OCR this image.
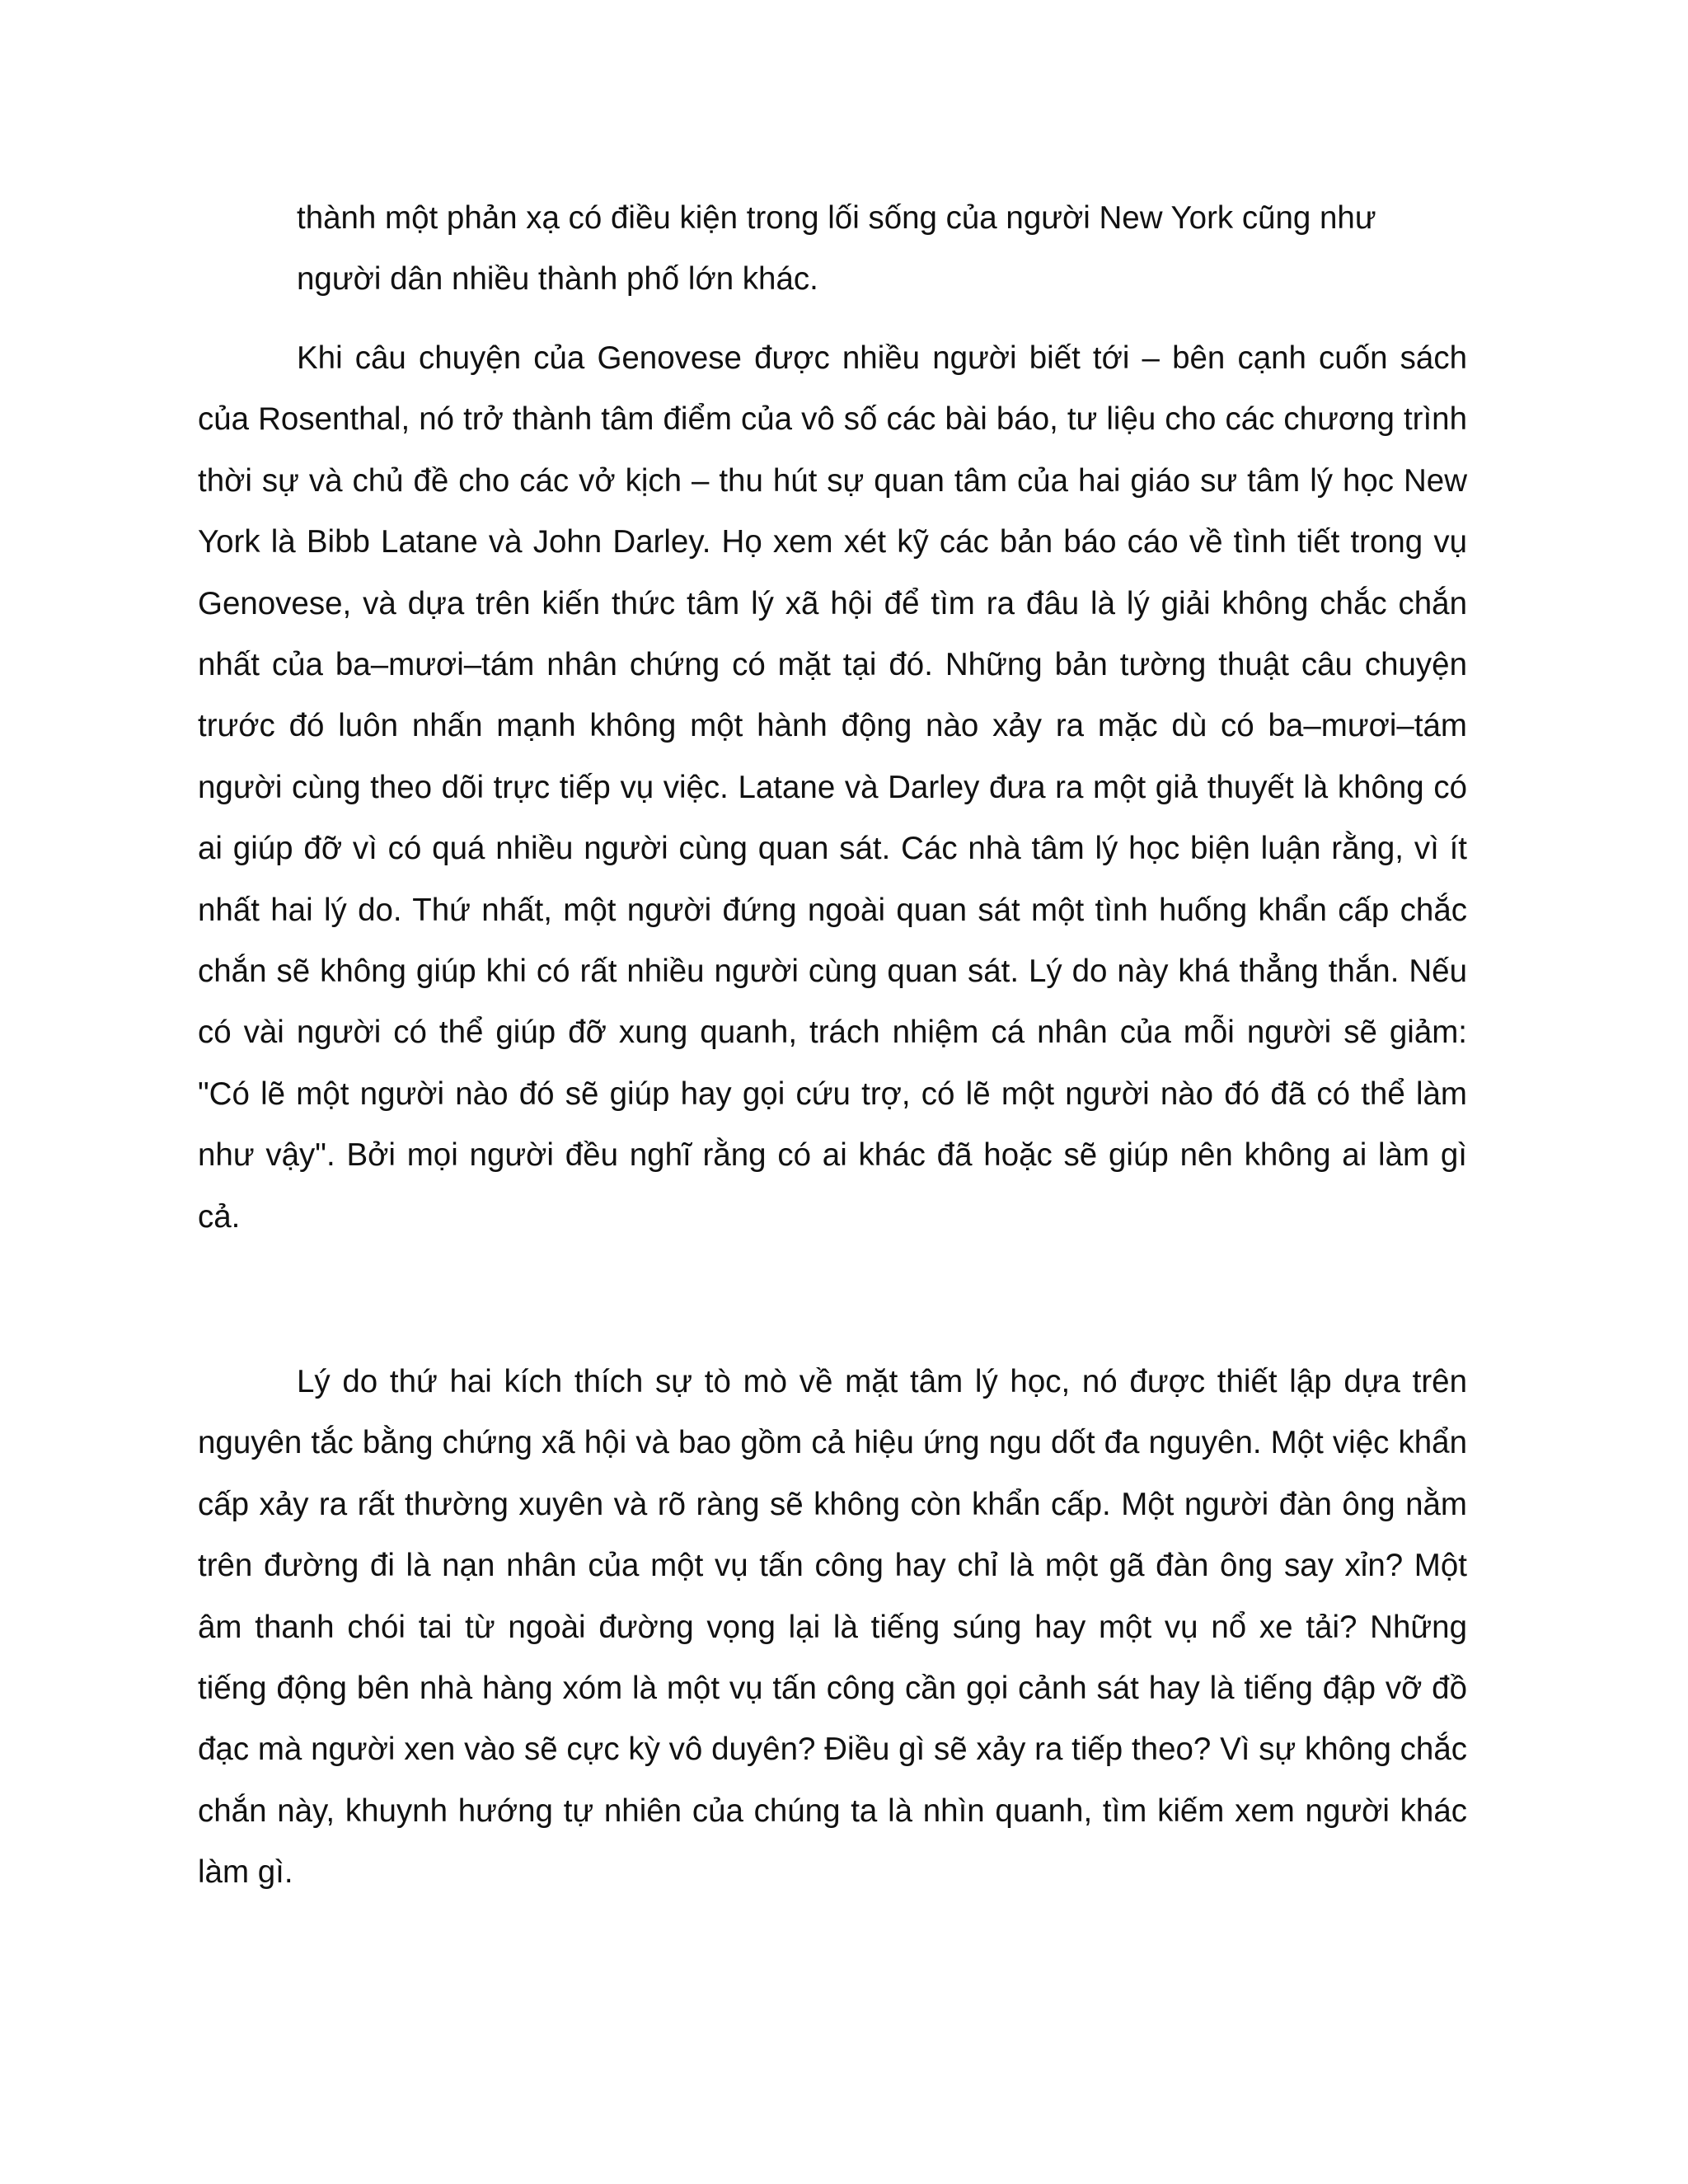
thành một phản xạ có điều kiện trong lối sống của người New York cũng như người dân nhiều thành phố lớn khác.

Khi câu chuyện của Genovese được nhiều người biết tới – bên cạnh cuốn sách của Rosenthal, nó trở thành tâm điểm của vô số các bài báo, tư liệu cho các chương trình thời sự và chủ đề cho các vở kịch – thu hút sự quan tâm của hai giáo sư tâm lý học New York là Bibb Latane và John Darley. Họ xem xét kỹ các bản báo cáo về tình tiết trong vụ Genovese, và dựa trên kiến thức tâm lý xã hội để tìm ra đâu là lý giải không chắc chắn nhất của ba–mươi–tám nhân chứng có mặt tại đó. Những bản tường thuật câu chuyện trước đó luôn nhấn mạnh không một hành động nào xảy ra mặc dù có ba–mươi–tám người cùng theo dõi trực tiếp vụ việc. Latane và Darley đưa ra một giả thuyết là không có ai giúp đỡ vì có quá nhiều người cùng quan sát. Các nhà tâm lý học biện luận rằng, vì ít nhất hai lý do. Thứ nhất, một người đứng ngoài quan sát một tình huống khẩn cấp chắc chắn sẽ không giúp khi có rất nhiều người cùng quan sát. Lý do này khá thẳng thắn. Nếu có vài người có thể giúp đỡ xung quanh, trách nhiệm cá nhân của mỗi người sẽ giảm: "Có lẽ một người nào đó sẽ giúp hay gọi cứu trợ, có lẽ một người nào đó đã có thể làm như vậy". Bởi mọi người đều nghĩ rằng có ai khác đã hoặc sẽ giúp nên không ai làm gì cả.

Lý do thứ hai kích thích sự tò mò về mặt tâm lý học, nó được thiết lập dựa trên nguyên tắc bằng chứng xã hội và bao gồm cả hiệu ứng ngu dốt đa nguyên. Một việc khẩn cấp xảy ra rất thường xuyên và rõ ràng sẽ không còn khẩn cấp. Một người đàn ông nằm trên đường đi là nạn nhân của một vụ tấn công hay chỉ là một gã đàn ông say xỉn? Một âm thanh chói tai từ ngoài đường vọng lại là tiếng súng hay một vụ nổ xe tải? Những tiếng động bên nhà hàng xóm là một vụ tấn công cần gọi cảnh sát hay là tiếng đập vỡ đồ đạc mà người xen vào sẽ cực kỳ vô duyên? Điều gì sẽ xảy ra tiếp theo? Vì sự không chắc chắn này, khuynh hướng tự nhiên của chúng ta là nhìn quanh, tìm kiếm xem người khác làm gì.
